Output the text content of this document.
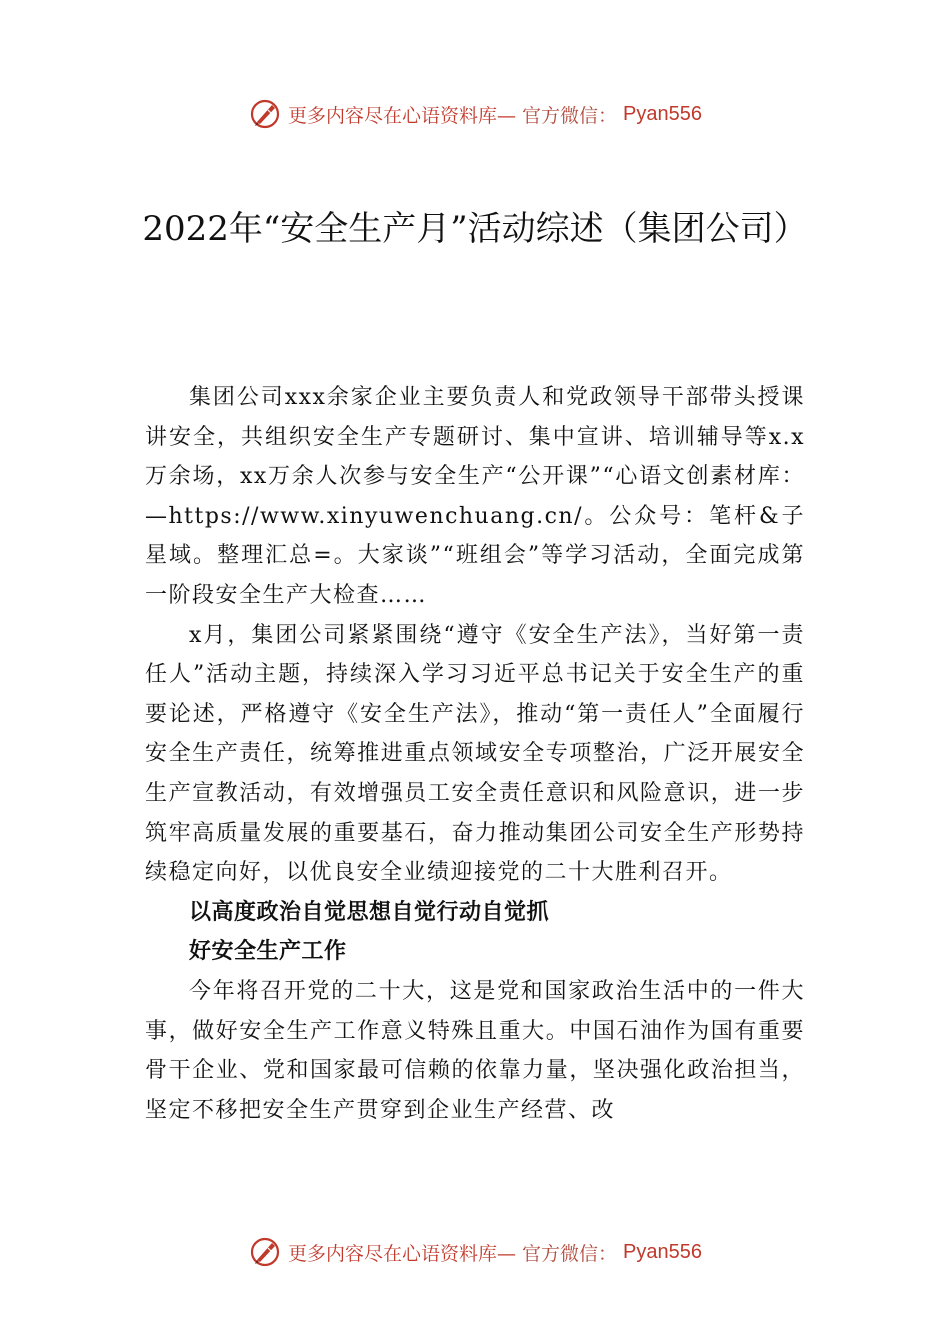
更多内容尽在心语资料库— 官方微信： Pyan556
2022年“安全生产月”活动综述（集团公司）

集团公司xxx余家企业主要负责人和党政领导干部带头授课讲安全，共组织安全生产专题研讨、集中宣讲、培训辅导等x.x万余场，xx万余人次参与安全生产“公开课”“心语文创素材库：—https://www.xinyuwenchuang.cn/。公众号：笔杆&子星域。整理汇总=。大家谈”“班组会”等学习活动，全面完成第一阶段安全生产大检查……

x月，集团公司紧紧围绕“遵守《安全生产法》，当好第一责任人”活动主题，持续深入学习习近平总书记关于安全生产的重要论述，严格遵守《安全生产法》，推动“第一责任人”全面履行安全生产责任，统筹推进重点领域安全专项整治，广泛开展安全生产宣教活动，有效增强员工安全责任意识和风险意识，进一步筑牢高质量发展的重要基石，奋力推动集团公司安全生产形势持续稳定向好，以优良安全业绩迎接党的二十大胜利召开。

以高度政治自觉思想自觉行动自觉抓好安全生产工作

今年将召开党的二十大，这是党和国家政治生活中的一件大事，做好安全生产工作意义特殊且重大。中国石油作为国有重要骨干企业、党和国家最可信赖的依靠力量，坚决强化政治担当，坚定不移把安全生产贯穿到企业生产经营、改

更多内容尽在心语资料库— 官方微信： Pyan556
